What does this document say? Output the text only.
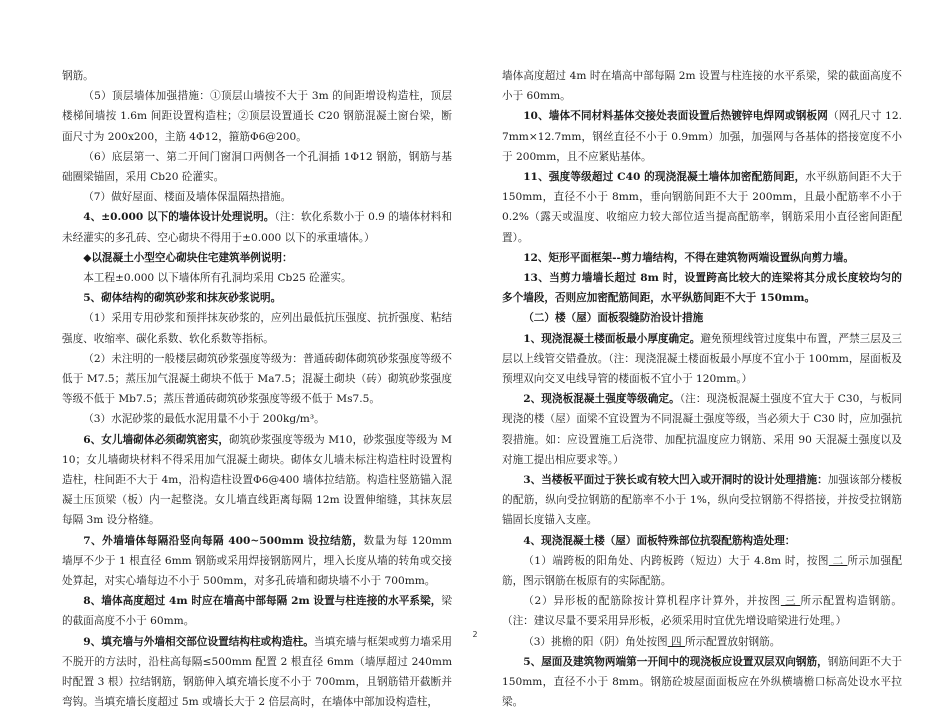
钢筋。

（5）顶层墙体加强措施：①顶层山墙按不大于 3m 的间距增设构造柱，顶层楼梯间墙按 1.6m 间距设置构造柱；②顶层设置通长 C20 钢筋混凝土窗台梁，断面尺寸为 200x200，主筋 4Φ12，箍筋Φ6@200。

（6）底层第一、第二开间门窗洞口两侧各一个孔洞插 1Φ12 钢筋，钢筋与基础圈梁锚固，采用 Cb20 砼灌实。

（7）做好屋面、楼面及墙体保温隔热措施。

4、±0.000 以下的墙体设计处理说明。（注：软化系数小于 0.9 的墙体材料和未经灌实的多孔砖、空心砌块不得用于±0.000 以下的承重墙体。）

◆以混凝土小型空心砌块住宅建筑举例说明：

本工程±0.000 以下墙体所有孔洞均采用 Cb25 砼灌实。

5、砌体结构的砌筑砂浆和抹灰砂浆说明。

（1）采用专用砂浆和预拌抹灰砂浆的，应列出最低抗压强度、抗折强度、粘结强度、收缩率、碳化系数、软化系数等指标。

（2）未注明的一般楼层砌筑砂浆强度等级为：普通砖砌体砌筑砂浆强度等级不低于 M7.5；蒸压加气混凝土砌块不低于 Ma7.5；混凝土砌块（砖）砌筑砂浆强度等级不低于 Mb7.5；蒸压普通砖砌筑砂浆强度等级不低于 Ms7.5。

（3）水泥砂浆的最低水泥用量不小于 200kg/m³。

6、女儿墙砌体必须砌筑密实，砌筑砂浆强度等级为 M10，砂浆强度等级为 M10；女儿墙砌块材料不得采用加气混凝土砌块。砌体女儿墙未标注构造柱时设置构造柱，柱间距不大于 4m，沿构造柱设置Φ6@400 墙体拉结筋。构造柱竖筋锚入混凝土压顶梁（板）内一起整浇。女儿墙直线距离每隔 12m 设置伸缩缝，其抹灰层每隔 3m 设分格缝。

7、外墙墙体每隔沿竖向每隔 400~500mm 设拉结筋，数量为每 120mm 墙厚不少于 1 根直径 6mm 钢筋或采用焊接钢筋网片，埋入长度从墙的转角或交接处算起，对实心墙每边不小于 500mm，对多孔砖墙和砌块墙不小于 700mm。

8、墙体高度超过 4m 时应在墙高中部每隔 2m 设置与柱连接的水平系梁，梁的截面高度不小于 60mm。

9、填充墙与外墙相交部位设置结构柱或构造柱。当填充墙与框架或剪力墙采用不脱开的方法时，沿柱高每隔≤500mm 配置 2 根直径 6mm（墙厚超过 240mm 时配置 3 根）拉结钢筋，钢筋伸入填充墙长度不小于 700mm，且钢筋错开截断并弯钩。当填充墙长度超过 5m 或墙长大于 2 倍层高时，在墙体中部加设构造柱，

墙体高度超过 4m 时在墙高中部每隔 2m 设置与柱连接的水平系梁，梁的截面高度不小于 60mm。

10、墙体不同材料基体交接处表面设置后热镀锌电焊网或钢板网（网孔尺寸 12.7mm×12.7mm，钢丝直径不小于 0.9mm）加强，加强网与各基体的搭接宽度不小于 200mm，且不应紧贴基体。

11、强度等级超过 C40 的现浇混凝土墙体加密配筋间距，水平纵筋间距不大于 150mm，直径不小于 8mm，垂向钢筋间距不大于 200mm，且最小配筋率不小于 0.2%（露天或温度、收缩应力较大部位适当提高配筋率，钢筋采用小直径密间距配置）。

12、矩形平面框架--剪力墙结构，不得在建筑物两端设置纵向剪力墙。

13、当剪力墙墙长超过 8m 时，设置跨高比较大的连梁将其分成长度较均匀的多个墙段，否则应加密配筋间距，水平纵筋间距不大于 150mm。

（二）楼（屋）面板裂缝防治设计措施

1、现浇混凝土楼面板最小厚度确定。避免预埋线管过度集中布置，严禁三层及三层以上线管交错叠放。（注：现浇混凝土楼面板最小厚度不宜小于 100mm，屋面板及预埋双向交叉电线导管的楼面板不宜小于 120mm。）

2、现浇板混凝土强度等级确定。（注：现浇板混凝土强度不宜大于 C30，与板同现浇的楼（屋）面梁不宜设置为不同混凝土强度等级，当必须大于 C30 时，应加强抗裂措施。如：应设置施工后浇带、加配抗温度应力钢筋、采用 90 天混凝土强度以及对施工提出相应要求等。）

3、当楼板平面过于狭长或有较大凹入或开洞时的设计处理措施：加强该部分楼板的配筋，纵向受拉钢筋的配筋率不小于 1%，纵向受拉钢筋不得搭接，并按受拉钢筋锚固长度锚入支座。

4、现浇混凝土楼（屋）面板特殊部位抗裂配筋构造处理：

（1）端跨板的阳角处、内跨板跨（短边）大于 4.8m 时，按图 二 所示加强配筋，图示钢筋在板原有的实际配筋。

（2）异形板的配筋除按计算机程序计算外，并按图 三 所示配置构造钢筋。（注：建议尽量不要采用异形板，必须采用时宜优先增设暗梁进行处理。）

（3）挑檐的阳（阴）角处按图 四 所示配置放射钢筋。

5、屋面及建筑物两端第一开间中的现浇板应设置双层双向钢筋，钢筋间距不大于 150mm，直径不小于 8mm。钢筋砼坡屋面面板应在外纵横墙檐口标高处设水平拉梁。

2
